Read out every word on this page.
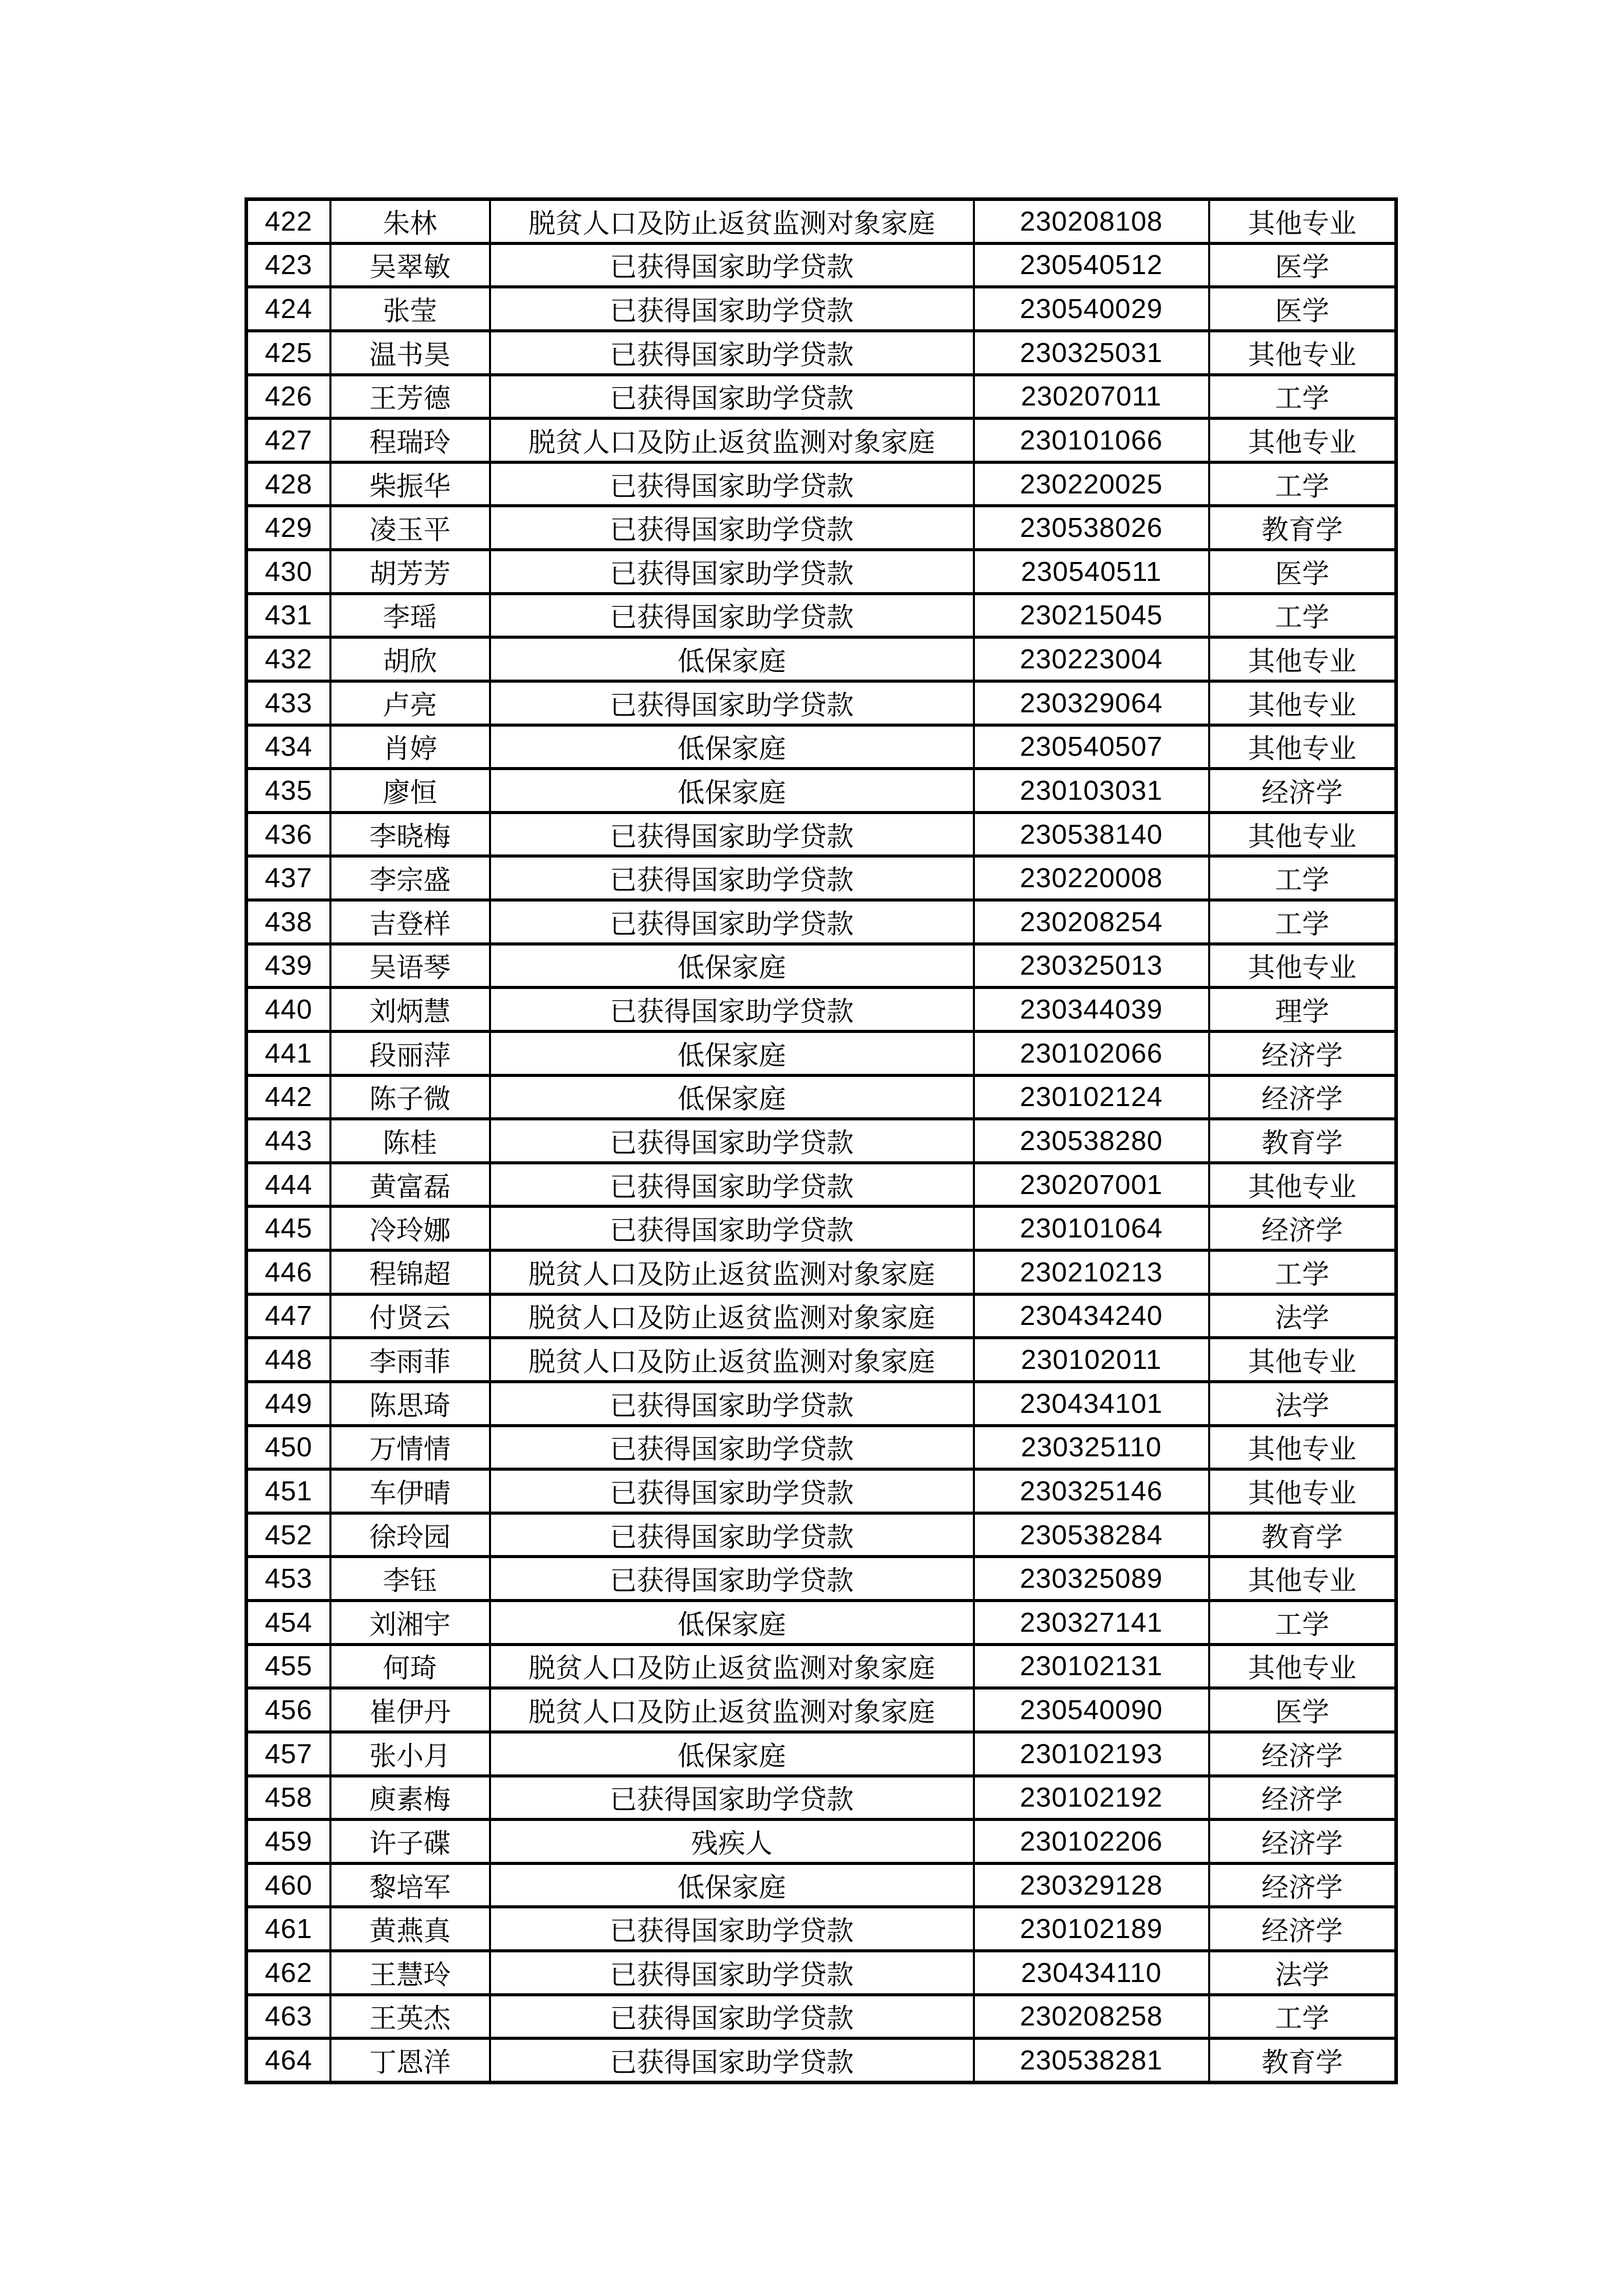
422	朱林	脱贫人口及防止返贫监测对象家庭	230208108	其他专业
423	吴翠敏	已获得国家助学贷款	230540512	医学
424	张莹	已获得国家助学贷款	230540029	医学
425	温书昊	已获得国家助学贷款	230325031	其他专业
426	王芳德	已获得国家助学贷款	230207011	工学
427	程瑞玲	脱贫人口及防止返贫监测对象家庭	230101066	其他专业
428	柴振华	已获得国家助学贷款	230220025	工学
429	凌玉平	已获得国家助学贷款	230538026	教育学
430	胡芳芳	已获得国家助学贷款	230540511	医学
431	李瑶	已获得国家助学贷款	230215045	工学
432	胡欣	低保家庭	230223004	其他专业
433	卢亮	已获得国家助学贷款	230329064	其他专业
434	肖婷	低保家庭	230540507	其他专业
435	廖恒	低保家庭	230103031	经济学
436	李晓梅	已获得国家助学贷款	230538140	其他专业
437	李宗盛	已获得国家助学贷款	230220008	工学
438	吉登样	已获得国家助学贷款	230208254	工学
439	吴语琴	低保家庭	230325013	其他专业
440	刘炳慧	已获得国家助学贷款	230344039	理学
441	段丽萍	低保家庭	230102066	经济学
442	陈子微	低保家庭	230102124	经济学
443	陈桂	已获得国家助学贷款	230538280	教育学
444	黄富磊	已获得国家助学贷款	230207001	其他专业
445	冷玲娜	已获得国家助学贷款	230101064	经济学
446	程锦超	脱贫人口及防止返贫监测对象家庭	230210213	工学
447	付贤云	脱贫人口及防止返贫监测对象家庭	230434240	法学
448	李雨菲	脱贫人口及防止返贫监测对象家庭	230102011	其他专业
449	陈思琦	已获得国家助学贷款	230434101	法学
450	万情情	已获得国家助学贷款	230325110	其他专业
451	车伊晴	已获得国家助学贷款	230325146	其他专业
452	徐玲园	已获得国家助学贷款	230538284	教育学
453	李钰	已获得国家助学贷款	230325089	其他专业
454	刘湘宇	低保家庭	230327141	工学
455	何琦	脱贫人口及防止返贫监测对象家庭	230102131	其他专业
456	崔伊丹	脱贫人口及防止返贫监测对象家庭	230540090	医学
457	张小月	低保家庭	230102193	经济学
458	庾素梅	已获得国家助学贷款	230102192	经济学
459	许子碟	残疾人	230102206	经济学
460	黎培军	低保家庭	230329128	经济学
461	黄燕真	已获得国家助学贷款	230102189	经济学
462	王慧玲	已获得国家助学贷款	230434110	法学
463	王英杰	已获得国家助学贷款	230208258	工学
464	丁恩洋	已获得国家助学贷款	230538281	教育学
